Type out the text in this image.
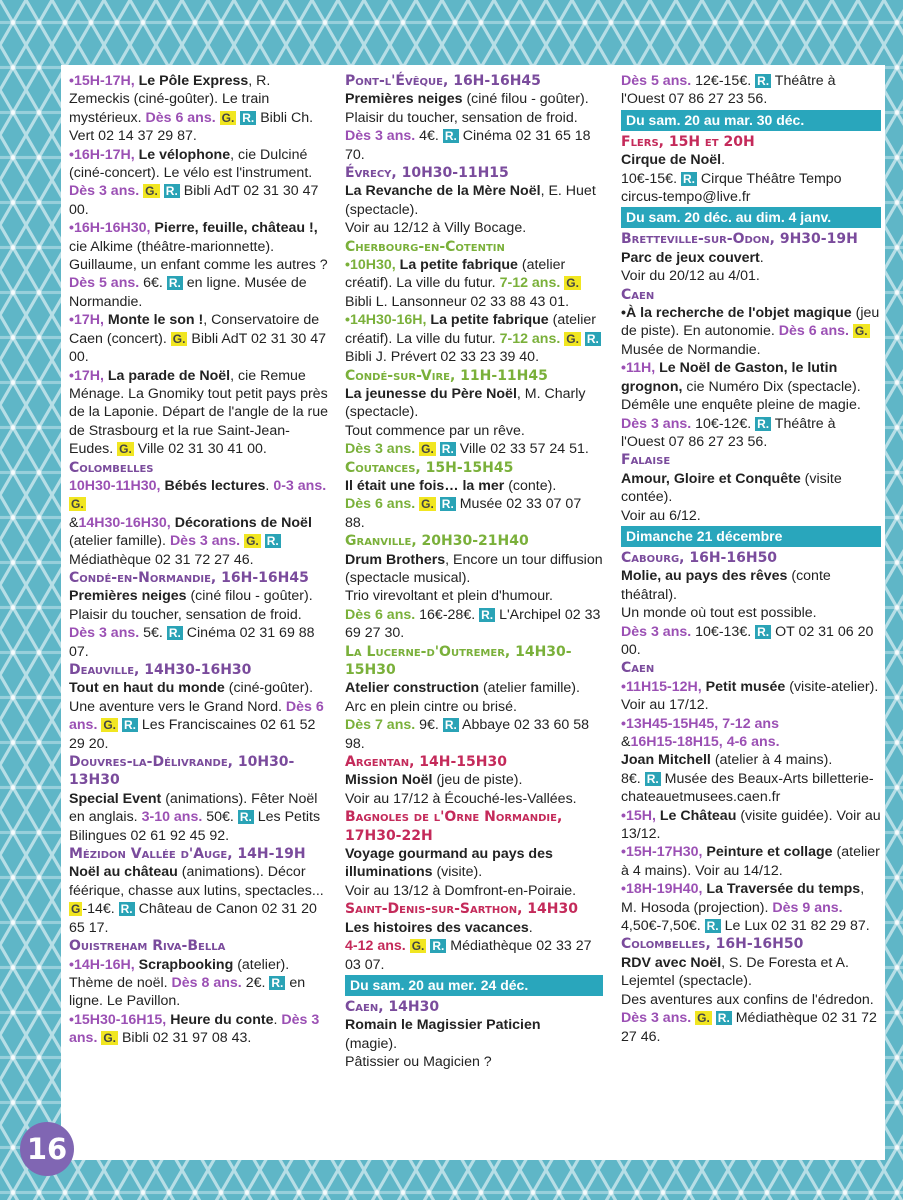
•15H-17H, Le Pôle Express, R. Zemeckis (ciné-goûter). Le train mystérieux. Dès 6 ans. G. R. Bibli Ch. Vert 02 14 37 29 87.

•16H-17H, Le vélophone, cie Dulciné (ciné-concert). Le vélo est l'instrument. Dès 3 ans. G. R. Bibli AdT 02 31 30 47 00.

•16H-16H30, Pierre, feuille, château !, cie Alkime (théâtre-marionnette). Guillaume, un enfant comme les autres ? Dès 5 ans. 6€. R. en ligne. Musée de Normandie.

•17H, Monte le son !, Conservatoire de Caen (concert). G. Bibli AdT 02 31 30 47 00.

•17H, La parade de Noël, cie Remue Ménage. La Gnomiky tout petit pays près de la Laponie. Départ de l'angle de la rue de Strasbourg et la rue Saint-Jean-Eudes. G. Ville 02 31 30 41 00.

Colombelles

10H30-11H30, Bébés lectures. 0-3 ans. G.

&14H30-16H30, Décorations de Noël (atelier famille). Dès 3 ans. G. R. Médiathèque 02 31 72 27 46.

Condé-en-Normandie, 16H-16H45

Premières neiges (ciné filou - goûter). Plaisir du toucher, sensation de froid. Dès 3 ans. 5€. R. Cinéma 02 31 69 88 07.

Deauville, 14H30-16H30

Tout en haut du monde (ciné-goûter). Une aventure vers le Grand Nord. Dès 6 ans. G. R. Les Franciscaines 02 61 52 29 20.

Douvres-la-Délivrande, 10H30-13H30

Special Event (animations). Fêter Noël en anglais. 3-10 ans. 50€. R. Les Petits Bilingues 02 61 92 45 92.

Mézidon Vallée d'Auge, 14H-19H

Noël au château (animations). Décor féérique, chasse aux lutins, spectacles...
G -14€. R. Château de Canon 02 31 20 65 17.

Ouistreham Riva-Bella

•14H-16H, Scrapbooking (atelier). Thème de noël. Dès 8 ans. 2€. R. en ligne. Le Pavillon.

•15H30-16H15, Heure du conte. Dès 3 ans. G. Bibli 02 31 97 08 43.

Pont-l'Évêque, 16H-16H45

Premières neiges (ciné filou - goûter). Plaisir du toucher, sensation de froid. Dès 3 ans. 4€. R. Cinéma 02 31 65 18 70.

Évrecy, 10H30-11H15

La Revanche de la Mère Noël, E. Huet (spectacle).
Voir au 12/12 à Villy Bocage.

Cherbourg-en-Cotentin

•10H30, La petite fabrique (atelier créatif). La ville du futur. 7-12 ans. G. Bibli L. Lansonneur 02 33 88 43 01.

•14H30-16H, La petite fabrique (atelier créatif). La ville du futur. 7-12 ans. G. R. Bibli J. Prévert 02 33 23 39 40.

Condé-sur-Vire, 11H-11H45

La jeunesse du Père Noël, M. Charly (spectacle).
Tout commence par un rêve.
Dès 3 ans. G. R. Ville 02 33 57 24 51.

Coutances, 15H-15H45

Il était une fois… la mer (conte).
Dès 6 ans. G. R. Musée 02 33 07 07 88.

Granville, 20H30-21H40

Drum Brothers, Encore un tour diffusion (spectacle musical).
Trio virevoltant et plein d'humour.
Dès 6 ans. 16€-28€. R. L'Archipel 02 33 69 27 30.

La Lucerne-d'Outremer, 14H30-15H30

Atelier construction (atelier famille). Arc en plein cintre ou brisé.
Dès 7 ans. 9€. R. Abbaye 02 33 60 58 98.

Argentan, 14H-15H30

Mission Noël (jeu de piste).
Voir au 17/12 à Écouché-les-Vallées.

Bagnoles de l'Orne Normandie, 17H30-22H

Voyage gourmand au pays des illuminations (visite).
Voir au 13/12 à Domfront-en-Poiraie.

Saint-Denis-sur-Sarthon, 14H30

Les histoires des vacances.
4-12 ans. G. R. Médiathèque 02 33 27 03 07.

Du sam. 20 au mer. 24 déc.

Caen, 14H30

Romain le Magissier Paticien
(magie).
Pâtissier ou Magicien ?

Dès 5 ans. 12€-15€. R. Théâtre à l'Ouest 07 86 27 23 56.

Du sam. 20 au mar. 30 déc.

Flers, 15H et 20H

Cirque de Noël.
10€-15€. R. Cirque Théâtre Tempo circus-tempo@live.fr

Du sam. 20 déc. au dim. 4 janv.

Bretteville-sur-Odon, 9H30-19H

Parc de jeux couvert.
Voir du 20/12 au 4/01.

Caen

•À la recherche de l'objet magique (jeu de piste). En autonomie. Dès 6 ans. G. Musée de Normandie.

•11H, Le Noël de Gaston, le lutin grognon, cie Numéro Dix (spectacle). Démêle une enquête pleine de magie. Dès 3 ans. 10€-12€. R. Théâtre à l'Ouest 07 86 27 23 56.

Falaise

Amour, Gloire et Conquête (visite contée).
Voir au 6/12.

Dimanche 21 décembre

Cabourg, 16H-16H50

Molie, au pays des rêves (conte théâtral).
Un monde où tout est possible.
Dès 3 ans. 10€-13€. R. OT 02 31 06 20 00.

Caen

•11H15-12H, Petit musée (visite-atelier). Voir au 17/12.

•13H45-15H45, 7-12 ans
&16H15-18H15, 4-6 ans.
Joan Mitchell (atelier à 4 mains).
8€. R. Musée des Beaux-Arts billetterie-chateauetmusees.caen.fr

•15H, Le Château (visite guidée). Voir au 13/12.

•15H-17H30, Peinture et collage (atelier à 4 mains). Voir au 14/12.

•18H-19H40, La Traversée du temps, M. Hosoda (projection). Dès 9 ans. 4,50€-7,50€. R. Le Lux 02 31 82 29 87.

Colombelles, 16H-16H50

RDV avec Noël, S. De Foresta et A. Lejemtel (spectacle).
Des aventures aux confins de l'édredon.
Dès 3 ans. G. R. Médiathèque 02 31 72 27 46.

16
